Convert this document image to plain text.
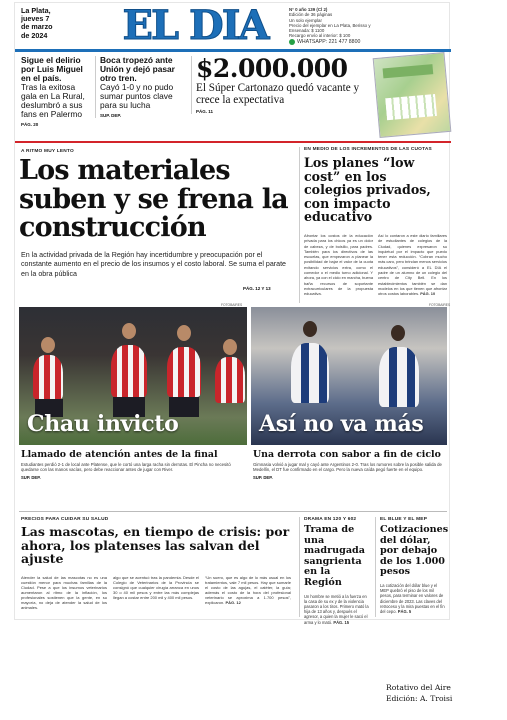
La Plata,
jueves 7
de marzo
de 2024	EL DIA	N° 0 año 139 (Cl 2)
Edición de 36 páginas
Un solo ejemplar
Precio del ejemplar en La Plata, Berisso y
Ensenada: $ 1100
Recargo envío al interior: $ 100
WHATSAPP: 221 477 8800
Sigue el delirio por Luis Miguel en el país.
Tras la exitosa gala en La Rural, deslumbró a sus fans en Palermo
PÁG. 20
Boca tropezó ante Unión y dejó pasar otro tren.
Cayó 1-0 y no pudo sumar puntos clave para su lucha
SUP. DEP.
$2.000.000
El Súper Cartonazo quedó vacante y crece la expectativa
PÁG. 11
A RITMO MUY LENTO
Los materiales suben y se frena la construcción
En la actividad privada de la Región hay incertidumbre y preocupación por el constante aumento en el precio de los insumos y el costo laboral. Se suma el parate en la obra pública
PÁG. 12 Y 13
EN MEDIO DE LOS INCREMENTOS DE LAS CUOTAS
Los planes “low cost” en los colegios privados, con impacto educativo
Afrontar los costos de la educación privada para los chicos ya es un dolor de cabeza, y de bolsillo, para padres. También para los directivos de las escuelas, que empezaron a planear la posibilidad de bajar el valor de la cuota evitando servicios extra, como el comedor o el medio turno adicional. Y ahora, ya con el ciclo en marcha, buena baña recursos de soportante extracurriculares de la propuesta educativa.
Así lo contaron a este diario familiares de estudiantes de colegios de la Ciudad, quienes expresaron su inquietud por el impacto que puedo tener esta reducción. “Cobran mucho más caro, pero brindan menos servicios educativos”, consideró a EL DIA el padre de un alumno de un colegio del centro de City Bell. En los establecimientos también se dan modelos en los que tienen que afrontar otros costos laborables. PÁG. 10
FOTOBAIRES	FOTOBAIRES
Chau invicto	Así no va más
Llamado de atención antes de la final
Estudiantes perdió 2-1 de local ante Platense, que le cortó una larga racha sin derrotas. El Pincha no necesitó quedarse con las manos vacías, pero debe reaccionar antes de jugar con River.
SUP. DEP.
Una derrota con sabor a fin de ciclo
Gimnasia volvió a jugar mal y cayó ante Argentinos 2-0. Tras los rumores sobre la posible salida de Medellín, el DT fue confirmado en el cargo. Pero la nueva caída pegó fuerte en el equipo.
SUP. DEP.
PRECIOS PARA CUIDAR SU SALUD
Las mascotas, en tiempo de crisis: por ahora, los platenses las salvan del ajuste
Atender la salud de las mascotas no es una cuestión menor para muchas familias de la Ciudad. Pese a que los insumos veterinarios aumentaron al ritmo de la inflación, los profesionales sostienen que la gente, en su mayoría, no deja de atender la salud de los animales.
algo que se acentuó tras la pandemia. Desde el Colegio de Veterinarios de la Provincia se consignó que cualquier cirugía arranca en unos 30 o 40 mil pesos y entre las más complejas llegan a costar entre 200 mil y 400 mil pesos.
“Un suero, que es algo de lo más usual en los tratamientos, vale 7 mil pesos. Hay que sumarle el costo de las agujas, el catéter, la guía; además el costo de la hora del profesional veterinario se aproxima a 1.700 pesos”, explicaron. PÁG. 12
DRAMA EN 120 Y 602
Trama de una madrugada sangrienta en la Región
Un hombre se metió a la fuerza en la casa de su ex y de la violencia pasaron a los tiros. Primero mató la hija de 13 años y, después el agresor, a quien la mujer le sacó el arma y lo mató. PÁG. 15
EL BLUE Y EL MEP
Cotizaciones del dólar, por debajo de los 1.000 pesos
La cotización del dólar blue y el MEP quebró el piso de los mil pesos, para terminar en valores de diciembre de 2023. Las claves del retroceso y la mira puestas en el fin del cepo. PÁG. 5
Rotativo del Aire
Edición: A. Troisi
